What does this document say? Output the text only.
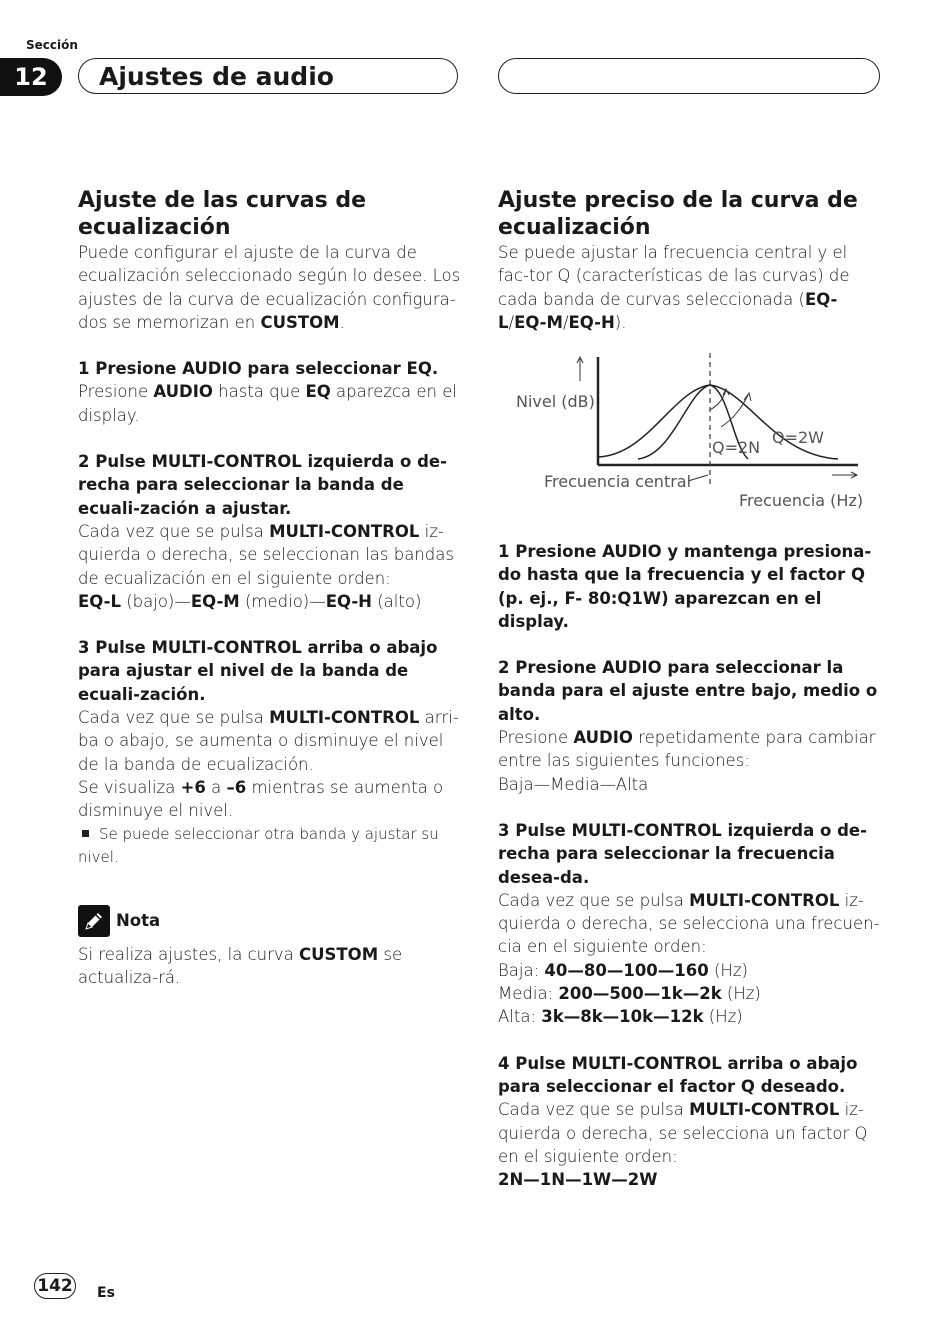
Sección
12	Ajustes de audio
Ajuste de las curvas de ecualización

Puede configurar el ajuste de la curva de ecualización seleccionado según lo desee. Los ajustes de la curva de ecualización configura-dos se memorizan en CUSTOM.

1 Presione AUDIO para seleccionar EQ.

Presione AUDIO hasta que EQ aparezca en el display.

2 Pulse MULTI-CONTROL izquierda o de-recha para seleccionar la banda de ecuali-zación a ajustar.

Cada vez que se pulsa MULTI-CONTROL iz-quierda o derecha, se seleccionan las bandas de ecualización en el siguiente orden:

EQ-L (bajo)—EQ-M (medio)—EQ-H (alto)

3 Pulse MULTI-CONTROL arriba o abajo para ajustar el nivel de la banda de ecuali-zación.

Cada vez que se pulsa MULTI-CONTROL arri-ba o abajo, se aumenta o disminuye el nivel de la banda de ecualización.

Se visualiza +6 a –6 mientras se aumenta o disminuye el nivel.

Se puede seleccionar otra banda y ajustar su nivel.

Nota

Si realiza ajustes, la curva CUSTOM se actualiza-rá.

Ajuste preciso de la curva de ecualización

Se puede ajustar la frecuencia central y el fac-tor Q (características de las curvas) de cada banda de curvas seleccionada (EQ-L/EQ-M/EQ-H).

Nivel (dB)
Q=2N
Q=2W
Frecuencia central
Frecuencia (Hz)

1 Presione AUDIO y mantenga presiona-do hasta que la frecuencia y el factor Q (p. ej., F- 80:Q1W) aparezcan en el display.

2 Presione AUDIO para seleccionar la banda para el ajuste entre bajo, medio o alto.

Presione AUDIO repetidamente para cambiar entre las siguientes funciones:

Baja—Media—Alta

3 Pulse MULTI-CONTROL izquierda o de-recha para seleccionar la frecuencia desea-da.

Cada vez que se pulsa MULTI-CONTROL iz-quierda o derecha, se selecciona una frecuen-cia en el siguiente orden:

Baja: 40—80—100—160 (Hz)

Media: 200—500—1k—2k (Hz)

Alta: 3k—8k—10k—12k (Hz)

4 Pulse MULTI-CONTROL arriba o abajo para seleccionar el factor Q deseado.

Cada vez que se pulsa MULTI-CONTROL iz-quierda o derecha, se selecciona un factor Q en el siguiente orden:

2N—1N—1W—2W

142 Es
